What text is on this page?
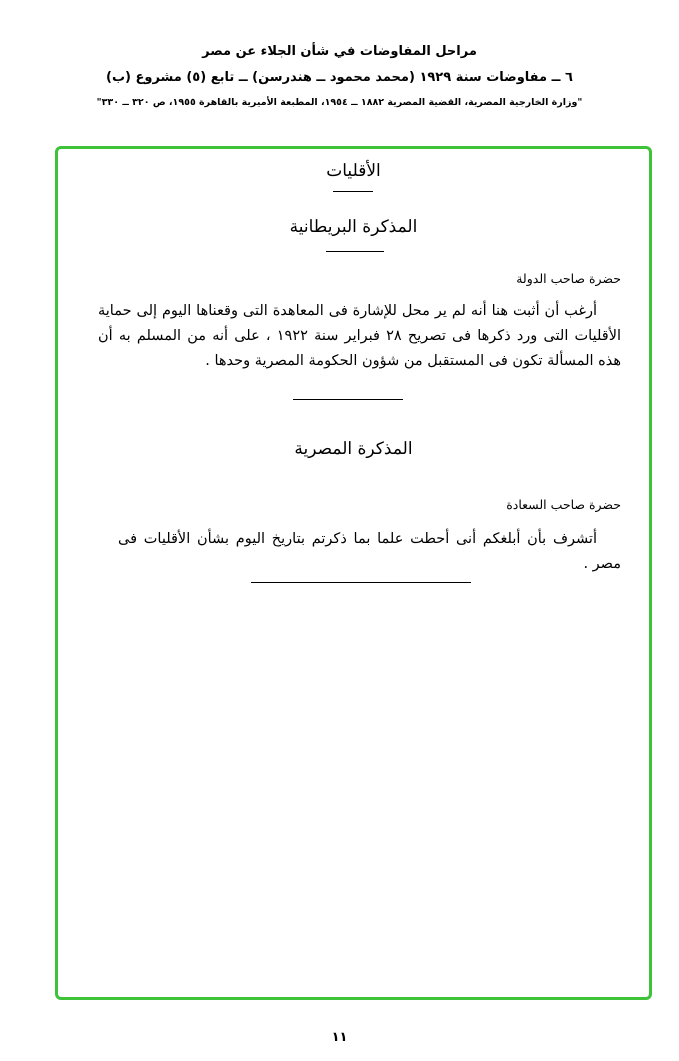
مراحل المفاوضات في شأن الجلاء عن مصر
٦ ــ مفاوضات سنة ١٩٢٩ (محمد محمود ــ هندرسن) ــ تابع (٥) مشروع (ب)
"وزارة الخارجية المصرية، القضية المصرية ١٨٨٢ ــ ١٩٥٤، المطبعة الأميرية بالقاهرة ١٩٥٥، ص ٣٢٠ ــ ٣٣٠"
الأقليات
المذكرة البريطانية
حضرة صاحب الدولة
أرغب أن أثبت هنا أنه لم ير محل للإشارة فى المعاهدة التى وقعناها اليوم إلى حماية الأقليات التى ورد ذكرها فى تصريح ٢٨ فبراير سنة ١٩٢٢ ، على أنه من المسلم به أن هذه المسألة تكون فى المستقبل من شؤون الحكومة المصرية وحدها .
المذكرة المصرية
حضرة صاحب السعادة
أتشرف بأن أبلغكم أنى أحطت علما بما ذكرتم بتاريخ اليوم بشأن الأقليات فى مصر .
١١
